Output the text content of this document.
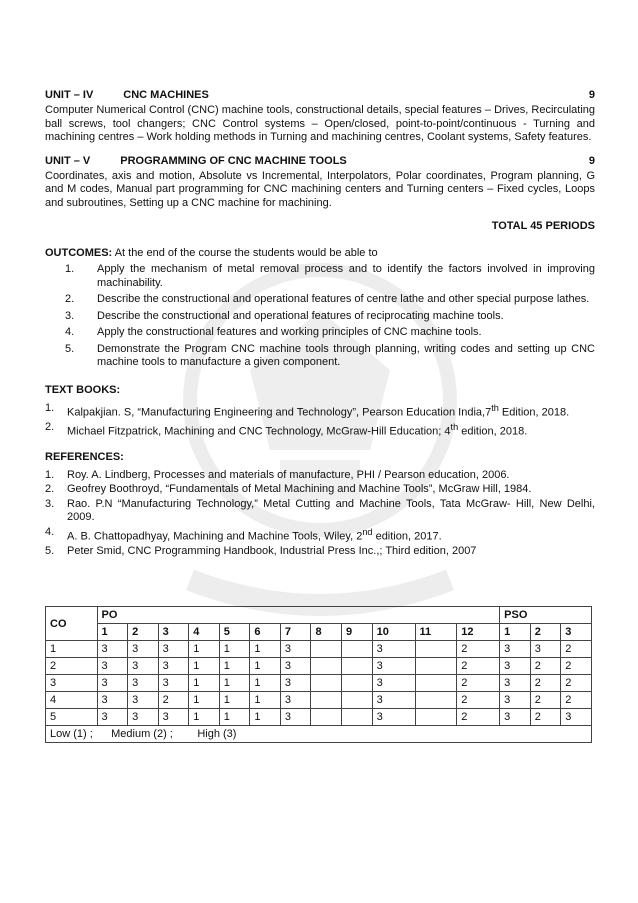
UNIT – IV	CNC MACHINES	9

Computer Numerical Control (CNC) machine tools, constructional details, special features – Drives, Recirculating ball screws, tool changers; CNC Control systems – Open/closed, point-to-point/continuous - Turning and machining centres – Work holding methods in Turning and machining centres, Coolant systems, Safety features.

UNIT – V	PROGRAMMING OF CNC MACHINE TOOLS	9

Coordinates, axis and motion, Absolute vs Incremental, Interpolators, Polar coordinates, Program planning, G and M codes, Manual part programming for CNC machining centers and Turning centers – Fixed cycles, Loops and subroutines, Setting up a CNC machine for machining.

TOTAL 45 PERIODS
OUTCOMES: At the end of the course the students would be able to
1.	Apply the mechanism of metal removal process and to identify the factors involved in improving machinability.
2.	Describe the constructional and operational features of centre lathe and other special purpose lathes.
3.	Describe the constructional and operational features of reciprocating machine tools.
4.	Apply the constructional features and working principles of CNC machine tools.
5.	Demonstrate the Program CNC machine tools through planning, writing codes and setting up CNC machine tools to manufacture a given component.
TEXT BOOKS:
1.	Kalpakjian. S, “Manufacturing Engineering and Technology”, Pearson Education India,7th Edition, 2018.
2.	Michael Fitzpatrick, Machining and CNC Technology, McGraw-Hill Education; 4th edition, 2018.
REFERENCES:
1.	Roy. A. Lindberg, Processes and materials of manufacture, PHI / Pearson education, 2006.
2.	Geofrey Boothroyd, “Fundamentals of Metal Machining and Machine Tools”, McGraw Hill, 1984.
3.	Rao. P.N “Manufacturing Technology,” Metal Cutting and Machine Tools, Tata McGraw- Hill, New Delhi, 2009.
4.	A. B. Chattopadhyay, Machining and Machine Tools, Wiley, 2nd edition, 2017.
5.	Peter Smid, CNC Programming Handbook, Industrial Press Inc.,; Third edition, 2007
CO	PO												PSO		
	1	2	3	4	5	6	7	8	9	10	11	12	1	2	3
1	3	3	3	1	1	1	3			3		2	3	3	2
2	3	3	3	1	1	1	3			3		2	3	2	2
3	3	3	3	1	1	1	3			3		2	3	2	2
4	3	3	2	1	1	1	3			3		2	3	2	2
5	3	3	3	1	1	1	3			3		2	3	2	3
Low (1) ;      Medium (2) ;        High (3)															
